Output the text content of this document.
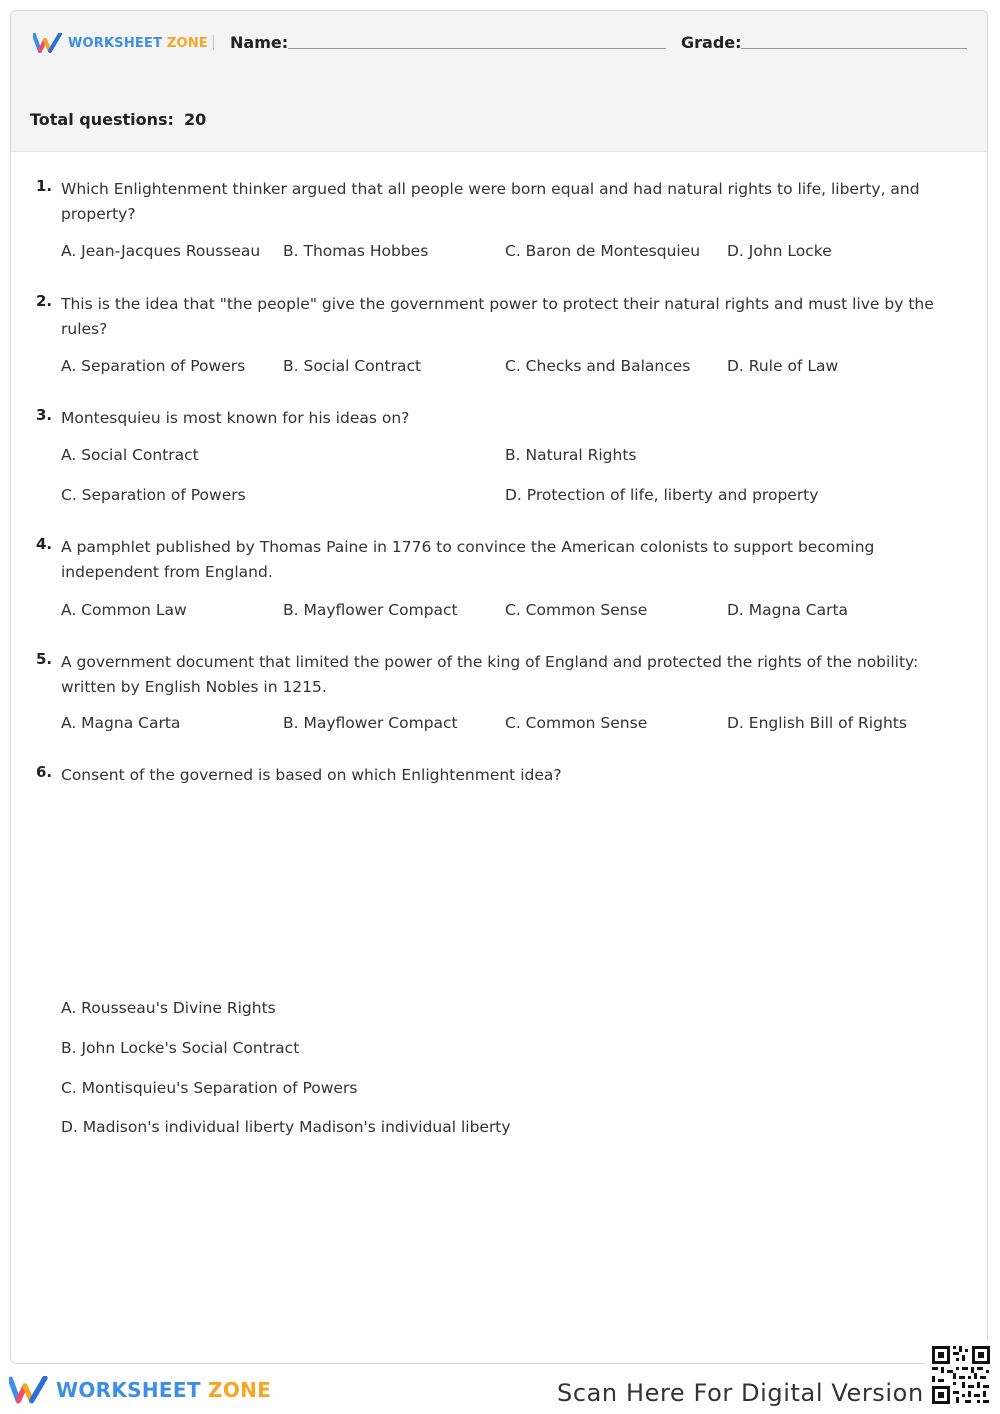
WORKSHEET ZONE Name:	Grade:
Total questions: 20
1. Which Enlightenment thinker argued that all people were born equal and had natural rights to life, liberty, and property?
A. Jean-Jacques Rousseau B. Thomas Hobbes	C. Baron de Montesquieu D. John Locke
2. This is the idea that "the people" give the government power to protect their natural rights and must live by the rules?
A. Separation of Powers B. Social Contract	C. Checks and Balances D. Rule of Law
3. Montesquieu is most known for his ideas on?
A. Social Contract	B. Natural Rights
C. Separation of Powers	D. Protection of life, liberty and property
4. A pamphlet published by Thomas Paine in 1776 to convince the American colonists to support becoming independent from England.
A. Common Law	B. Mayflower Compact	C. Common Sense	D. Magna Carta
5. A government document that limited the power of the king of England and protected the rights of the nobility: written by English Nobles in 1215.
A. Magna Carta	B. Mayflower Compact	C. Common Sense	D. English Bill of Rights
6. Consent of the governed is based on which Enlightenment idea?
A. Rousseau's Divine Rights
B. John Locke's Social Contract
C. Montisquieu's Separation of Powers
D. Madison's individual liberty Madison's individual liberty
WORKSHEET ZONE	Scan Here For Digital Version
